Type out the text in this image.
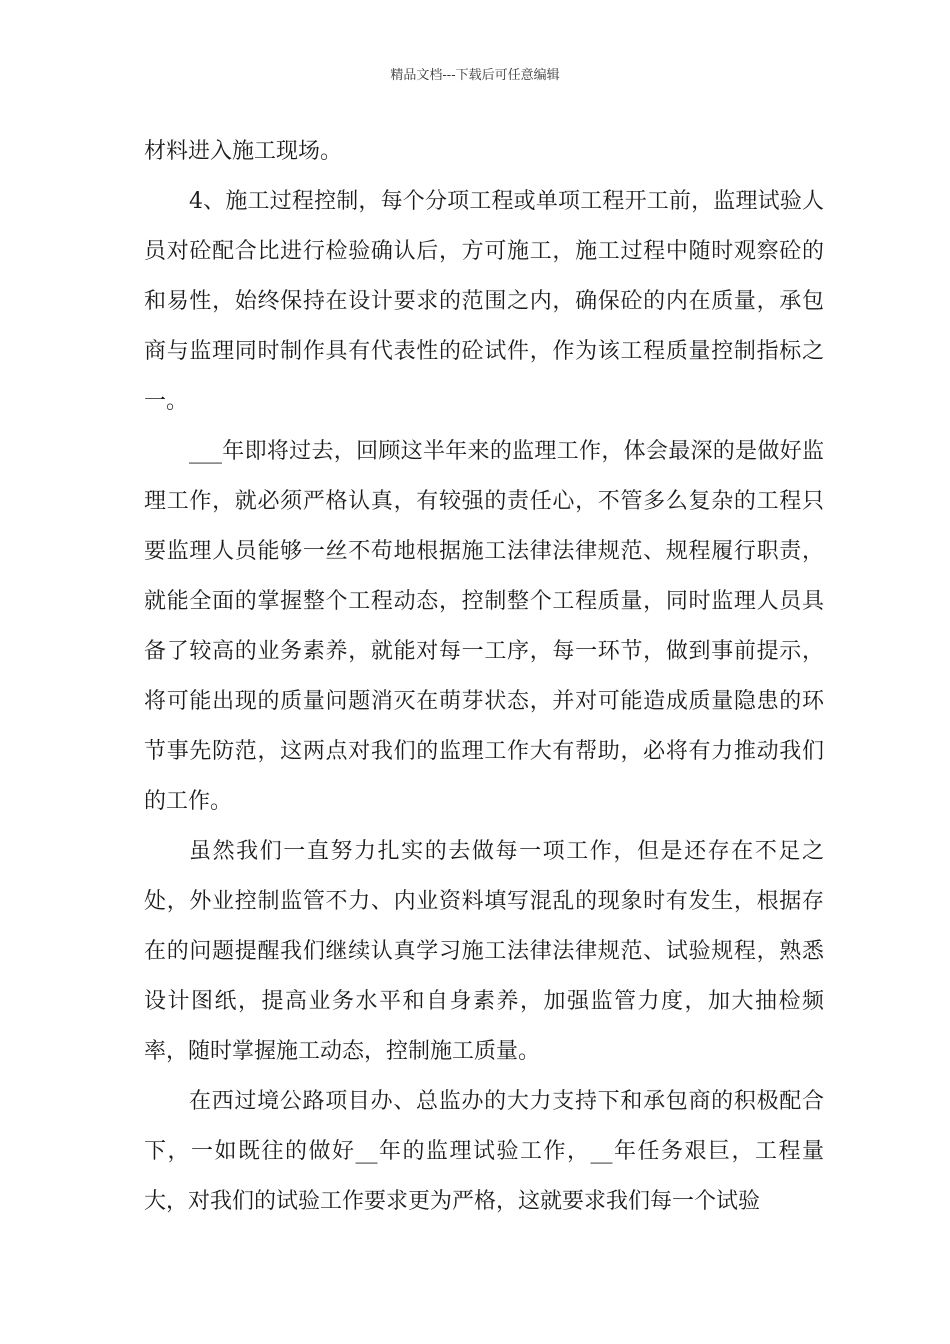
精品文档---下载后可任意编辑

材料进入施工现场。

4、施工过程控制，每个分项工程或单项工程开工前，监理试验人员对砼配合比进行检验确认后，方可施工，施工过程中随时观察砼的和易性，始终保持在设计要求的范围之内，确保砼的内在质量，承包商与监理同时制作具有代表性的砼试件，作为该工程质量控制指标之一。

___年即将过去，回顾这半年来的监理工作，体会最深的是做好监理工作，就必须严格认真，有较强的责任心，不管多么复杂的工程只要监理人员能够一丝不苟地根据施工法律法律规范、规程履行职责，就能全面的掌握整个工程动态，控制整个工程质量，同时监理人员具备了较高的业务素养，就能对每一工序，每一环节，做到事前提示，将可能出现的质量问题消灭在萌芽状态，并对可能造成质量隐患的环节事先防范，这两点对我们的监理工作大有帮助，必将有力推动我们的工作。

虽然我们一直努力扎实的去做每一项工作，但是还存在不足之处，外业控制监管不力、内业资料填写混乱的现象时有发生，根据存在的问题提醒我们继续认真学习施工法律法律规范、试验规程，熟悉设计图纸，提高业务水平和自身素养，加强监管力度，加大抽检频率，随时掌握施工动态，控制施工质量。

在西过境公路项目办、总监办的大力支持下和承包商的积极配合下，一如既往的做好__年的监理试验工作，__年任务艰巨，工程量大，对我们的试验工作要求更为严格，这就要求我们每一个试验
